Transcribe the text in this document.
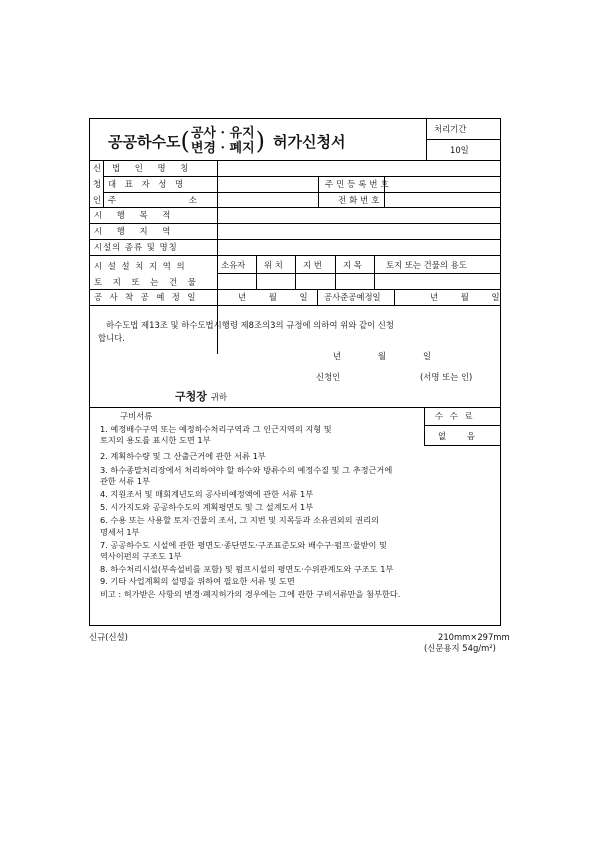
공공하수도 ( 공사 · 유지
변경 · 폐지 ) 허가신청서
처리기간
10일
신
청
인
법 인 명 칭
대 표 자 성 명	주민등록번호
주 소	전화번호
시 행 목 적
시 행 지 역
시설의 종류 및 명칭
시 설 설 치 지 역 의
토 지 또 는 건 물
소유자 위 치 지 번	지 목	토지 또는 건물의 용도
공 사 착 공 예 정 일	년 월 일 공사준공예정일	년 월 일
하수도법 제13조 및 하수도법시행령 제8조의3의 규정에 의하여 위와 같이 신청
합니다.
년	월	일
신청인	(서명 또는 인)
구청장 귀하
수 수 료
없 음
구비서류
1. 예정배수구역 또는 예정하수처리구역과 그 인근지역의 지형 및
토지의 용도를 표시한 도면 1부
2. 계획하수량 및 그 산출근거에 관한 서류 1부
3. 하수종말처리장에서 처리하여야 할 하수와 방류수의 예정수질 및 그 추정근거에
관한 서류 1부
4. 지원조서 및 매회계년도의 공사비예정액에 관한 서류 1부
5. 시가지도와 공공하수도의 계획평면도 및 그 설계도서 1부
6. 수용 또는 사용할 토지·건물의 조서, 그 지번 및 지목등과 소유권외의 권리의
명세서 1부
7. 공공하수도 시설에 관한 평면도·종단면도·구조표준도와 배수구·펌프·물받이 및
역사이펀의 구조도 1부
8. 하수처리시설(부속설비를 포함) 및 펌프시설의 평면도·수위관계도와 구조도 1부
9. 기타 사업계획의 설명을 위하여 필요한 서류 및 도면
비고 : 허가받은 사항의 변경·폐지허가의 경우에는 그에 관한 구비서류만을 첨부한다.
신규(신설)	210mm×297mm
(신문용지 54g/m²)
